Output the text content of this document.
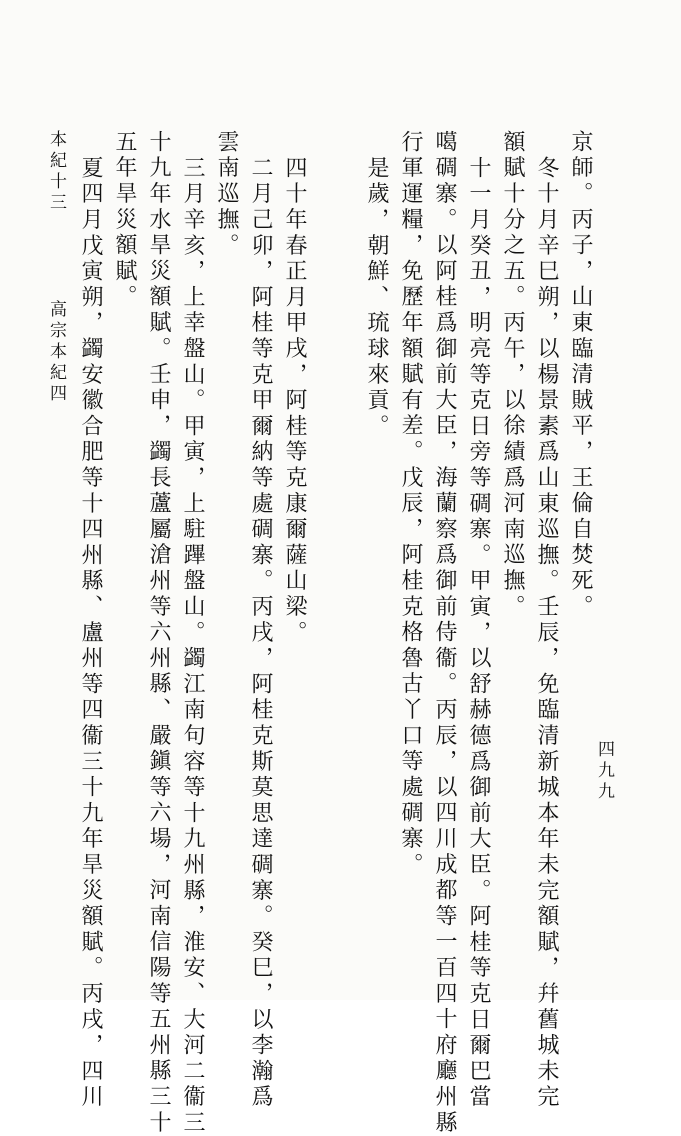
京師。丙子，山東臨清賊平，王倫自焚死。
冬十月辛巳朔，以楊景素爲山東巡撫。壬辰，免臨清新城本年未完額賦，幷舊城未完
額賦十分之五。丙午，以徐績爲河南巡撫。
十一月癸丑，明亮等克日旁等碉寨。甲寅，以舒赫德爲御前大臣。阿桂等克日爾巴當
噶碉寨。以阿桂爲御前大臣，海蘭察爲御前侍衞。丙辰，以四川成都等一百四十府廳州縣
行軍運糧，免歷年額賦有差。戊辰，阿桂克格魯古丫口等處碉寨。
是歲，朝鮮、琉球來貢。
四十年春正月甲戌，阿桂等克康爾薩山梁。
二月己卯，阿桂等克甲爾納等處碉寨。丙戌，阿桂克斯莫思達碉寨。癸巳，以李瀚爲
雲南巡撫。
三月辛亥，上幸盤山。甲寅，上駐蹕盤山。蠲江南句容等十九州縣，淮安、大河二衞三
十九年水旱災額賦。壬申，蠲長蘆屬滄州等六州縣、嚴鎭等六場，河南信陽等五州縣三十
五年旱災額賦。
夏四月戊寅朔，蠲安徽合肥等十四州縣、盧州等四衞三十九年旱災額賦。丙戌，四川	四九九
高宗本紀四
本紀十三
